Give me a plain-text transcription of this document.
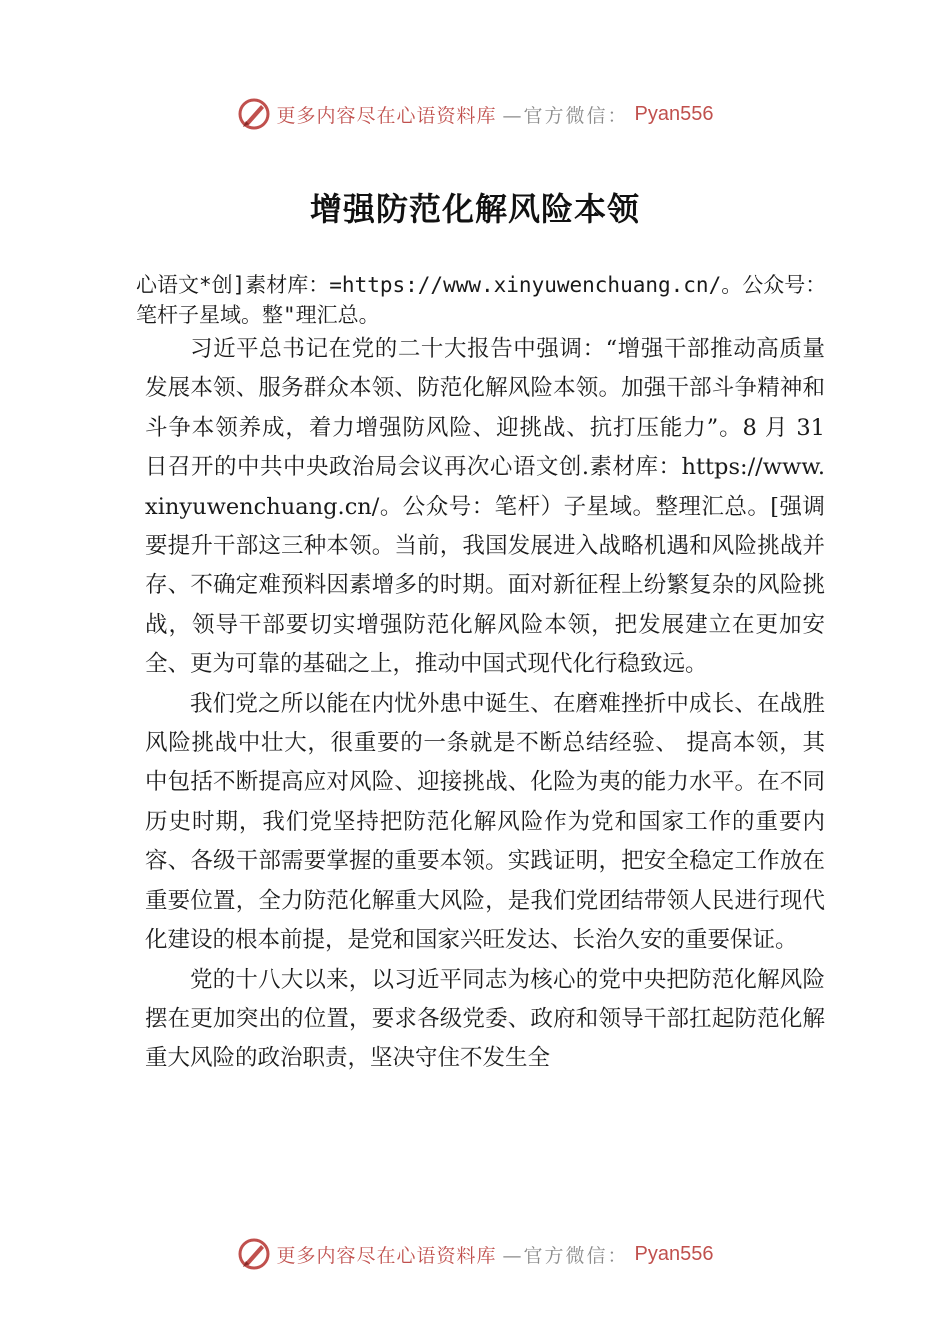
更多内容尽在心语资料库 —官方微信： Pyan556
增强防范化解风险本领
心语文*创]素材库：=https://www.xinyuwenchuang.cn/。公众号：笔杆子星域。整"理汇总。

习近平总书记在党的二十大报告中强调：“增强干部推动高质量发展本领、服务群众本领、防范化解风险本领。加强干部斗争精神和斗争本领养成，着力增强防风险、迎挑战、抗打压能力”。8 月 31 日召开的中共中央政治局会议再次心语文创.素材库：https://www.xinyuwenchuang.cn/。公众号：笔杆）子星域。整理汇总。[强调要提升干部这三种本领。当前，我国发展进入战略机遇和风险挑战并存、不确定难预料因素增多的时期。面对新征程上纷繁复杂的风险挑战，领导干部要切实增强防范化解风险本领，把发展建立在更加安全、更为可靠的基础之上，推动中国式现代化行稳致远。

我们党之所以能在内忧外患中诞生、在磨难挫折中成长、在战胜风险挑战中壮大，很重要的一条就是不断总结经验、 提高本领，其中包括不断提高应对风险、迎接挑战、化险为夷的能力水平。在不同历史时期，我们党坚持把防范化解风险作为党和国家工作的重要内容、各级干部需要掌握的重要本领。实践证明，把安全稳定工作放在重要位置，全力防范化解重大风险，是我们党团结带领人民进行现代化建设的根本前提，是党和国家兴旺发达、长治久安的重要保证。

党的十八大以来，以习近平同志为核心的党中央把防范化解风险摆在更加突出的位置，要求各级党委、政府和领导干部扛起防范化解重大风险的政治职责，坚决守住不发生全

更多内容尽在心语资料库 —官方微信： Pyan556
